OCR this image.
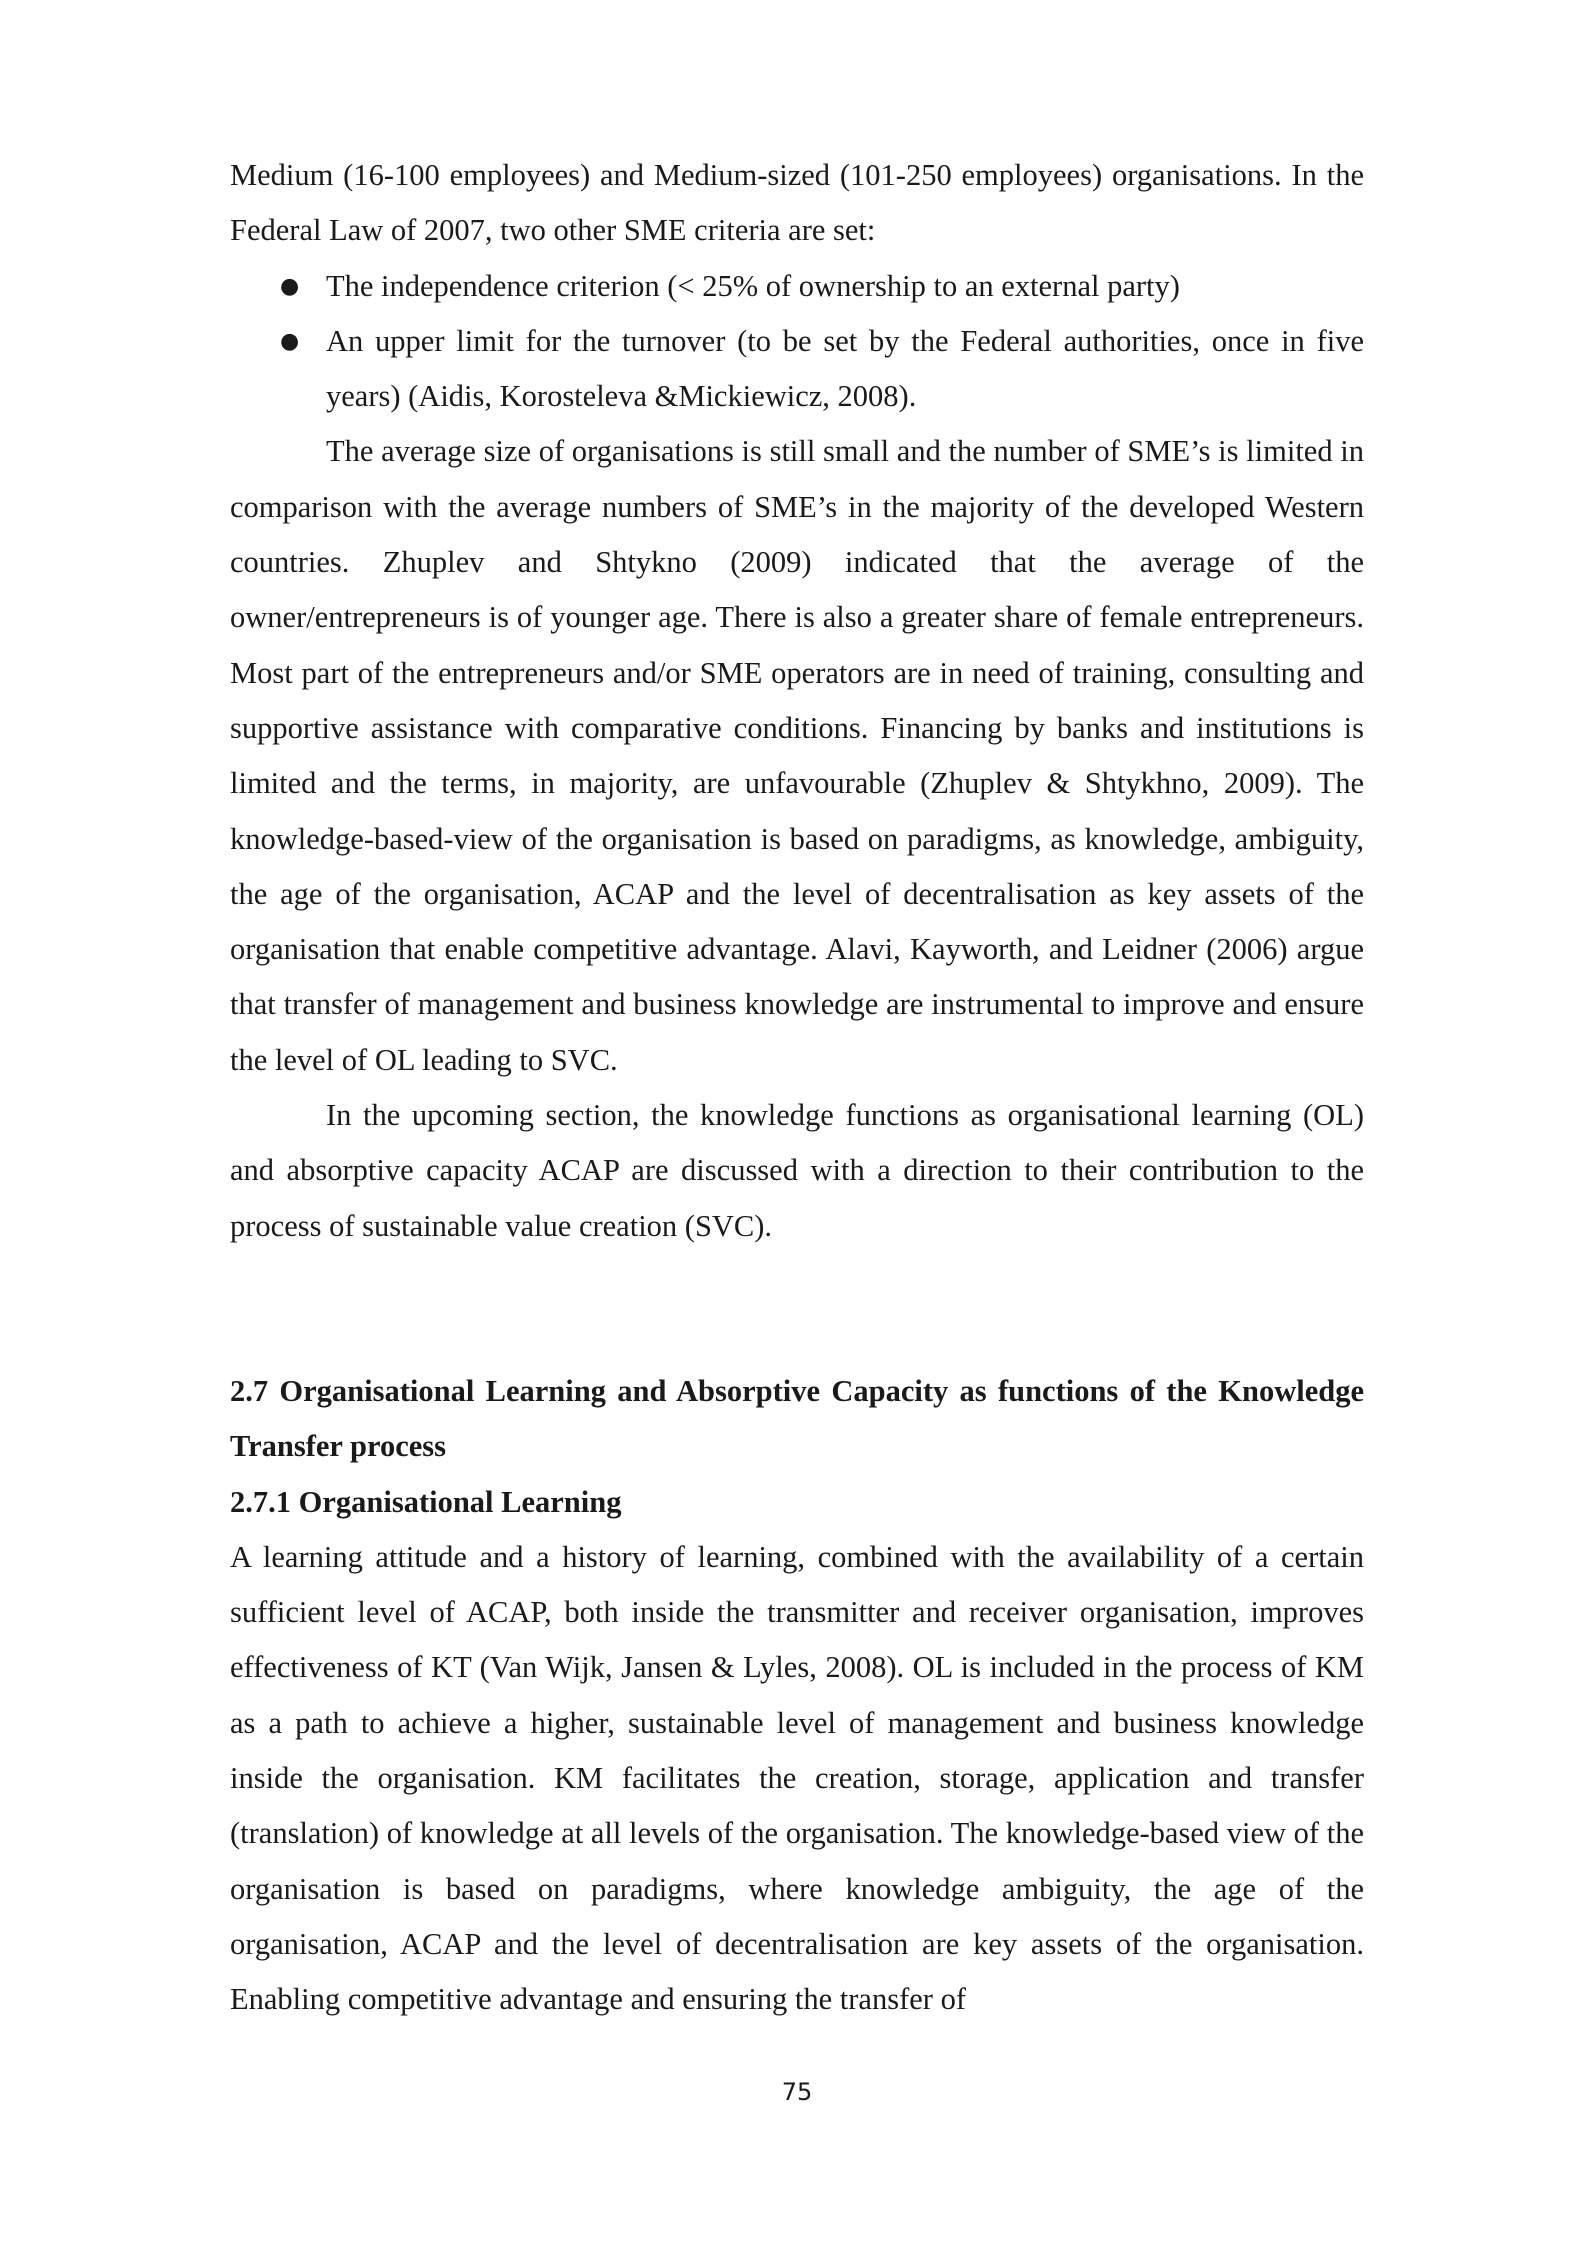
Medium (16-100 employees) and Medium-sized (101-250 employees) organisations. In the Federal Law of 2007, two other SME criteria are set:

● The independence criterion (< 25% of ownership to an external party)
● An upper limit for the turnover (to be set by the Federal authorities, once in five years) (Aidis, Korosteleva &Mickiewicz, 2008).

The average size of organisations is still small and the number of SME’s is limited in comparison with the average numbers of SME’s in the majority of the developed Western countries. Zhuplev and Shtykno (2009) indicated that the average of the owner/entrepreneurs is of younger age. There is also a greater share of female entrepreneurs. Most part of the entrepreneurs and/or SME operators are in need of training, consulting and supportive assistance with comparative conditions. Financing by banks and institutions is limited and the terms, in majority, are unfavourable (Zhuplev & Shtykhno, 2009). The knowledge-based-view of the organisation is based on paradigms, as knowledge, ambiguity, the age of the organisation, ACAP and the level of decentralisation as key assets of the organisation that enable competitive advantage. Alavi, Kayworth, and Leidner (2006) argue that transfer of management and business knowledge are instrumental to improve and ensure the level of OL leading to SVC.

In the upcoming section, the knowledge functions as organisational learning (OL) and absorptive capacity ACAP are discussed with a direction to their contribution to the process of sustainable value creation (SVC).

2.7 Organisational Learning and Absorptive Capacity as functions of the Knowledge Transfer process
2.7.1 Organisational Learning

A learning attitude and a history of learning, combined with the availability of a certain sufficient level of ACAP, both inside the transmitter and receiver organisation, improves effectiveness of KT (Van Wijk, Jansen & Lyles, 2008). OL is included in the process of KM as a path to achieve a higher, sustainable level of management and business knowledge inside the organisation. KM facilitates the creation, storage, application and transfer (translation) of knowledge at all levels of the organisation. The knowledge-based view of the organisation is based on paradigms, where knowledge ambiguity, the age of the organisation, ACAP and the level of decentralisation are key assets of the organisation. Enabling competitive advantage and ensuring the transfer of

75
